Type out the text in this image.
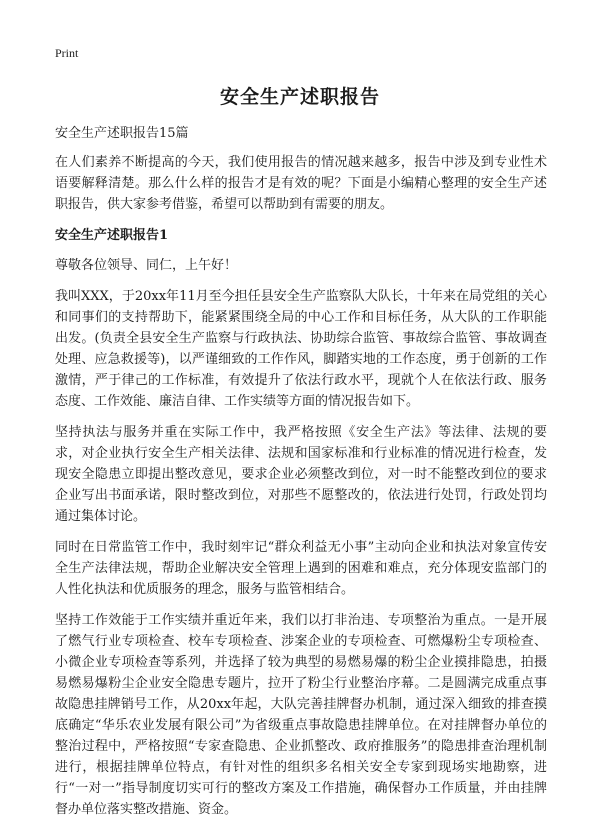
Print
安全生产述职报告
安全生产述职报告15篇

在人们素养不断提高的今天，我们使用报告的情况越来越多，报告中涉及到专业性术语要解释清楚。那么什么样的报告才是有效的呢？下面是小编精心整理的安全生产述职报告，供大家参考借鉴，希望可以帮助到有需要的朋友。

安全生产述职报告1

尊敬各位领导、同仁，上午好！

我叫XXX，于20xx年11月至今担任县安全生产监察队大队长，十年来在局党组的关心和同事们的支持帮助下，能紧紧围绕全局的中心工作和目标任务，从大队的工作职能出发。(负责全县安全生产监察与行政执法、协助综合监管、事故综合监管、事故调查处理、应急救援等)，以严谨细致的工作作风，脚踏实地的工作态度，勇于创新的工作激情，严于律己的工作标准，有效提升了依法行政水平，现就个人在依法行政、服务态度、工作效能、廉洁自律、工作实绩等方面的情况报告如下。

坚持执法与服务并重在实际工作中，我严格按照《安全生产法》等法律、法规的要求，对企业执行安全生产相关法律、法规和国家标准和行业标准的情况进行检查，发现安全隐患立即提出整改意见，要求企业必须整改到位，对一时不能整改到位的要求企业写出书面承诺，限时整改到位，对那些不愿整改的，依法进行处罚，行政处罚均通过集体讨论。

同时在日常监管工作中，我时刻牢记“群众利益无小事”主动向企业和执法对象宣传安全生产法律法规，帮助企业解决安全管理上遇到的困难和难点，充分体现安监部门的人性化执法和优质服务的理念，服务与监管相结合。

坚持工作效能于工作实绩并重近年来，我们以打非治违、专项整治为重点。一是开展了燃气行业专项检查、校车专项检查、涉案企业的专项检查、可燃爆粉尘专项检查、小微企业专项检查等系列，并选择了较为典型的易燃易爆的粉尘企业摸排隐患，拍摄易燃易爆粉尘企业安全隐患专题片，拉开了粉尘行业整治序幕。二是圆满完成重点事故隐患挂牌销号工作，从20xx年起，大队完善挂牌督办机制，通过深入细致的排查摸底确定“华乐农业发展有限公司”为省级重点事故隐患挂牌单位。在对挂牌督办单位的整治过程中，严格按照“专家查隐患、企业抓整改、政府推服务”的隐患排查治理机制进行，根据挂牌单位特点，有针对性的组织多名相关安全专家到现场实地勘察，进行“一对一”指导制度切实可行的整改方案及工作措施，确保督办工作质量，并由挂牌督办单位落实整改措施、资金。
